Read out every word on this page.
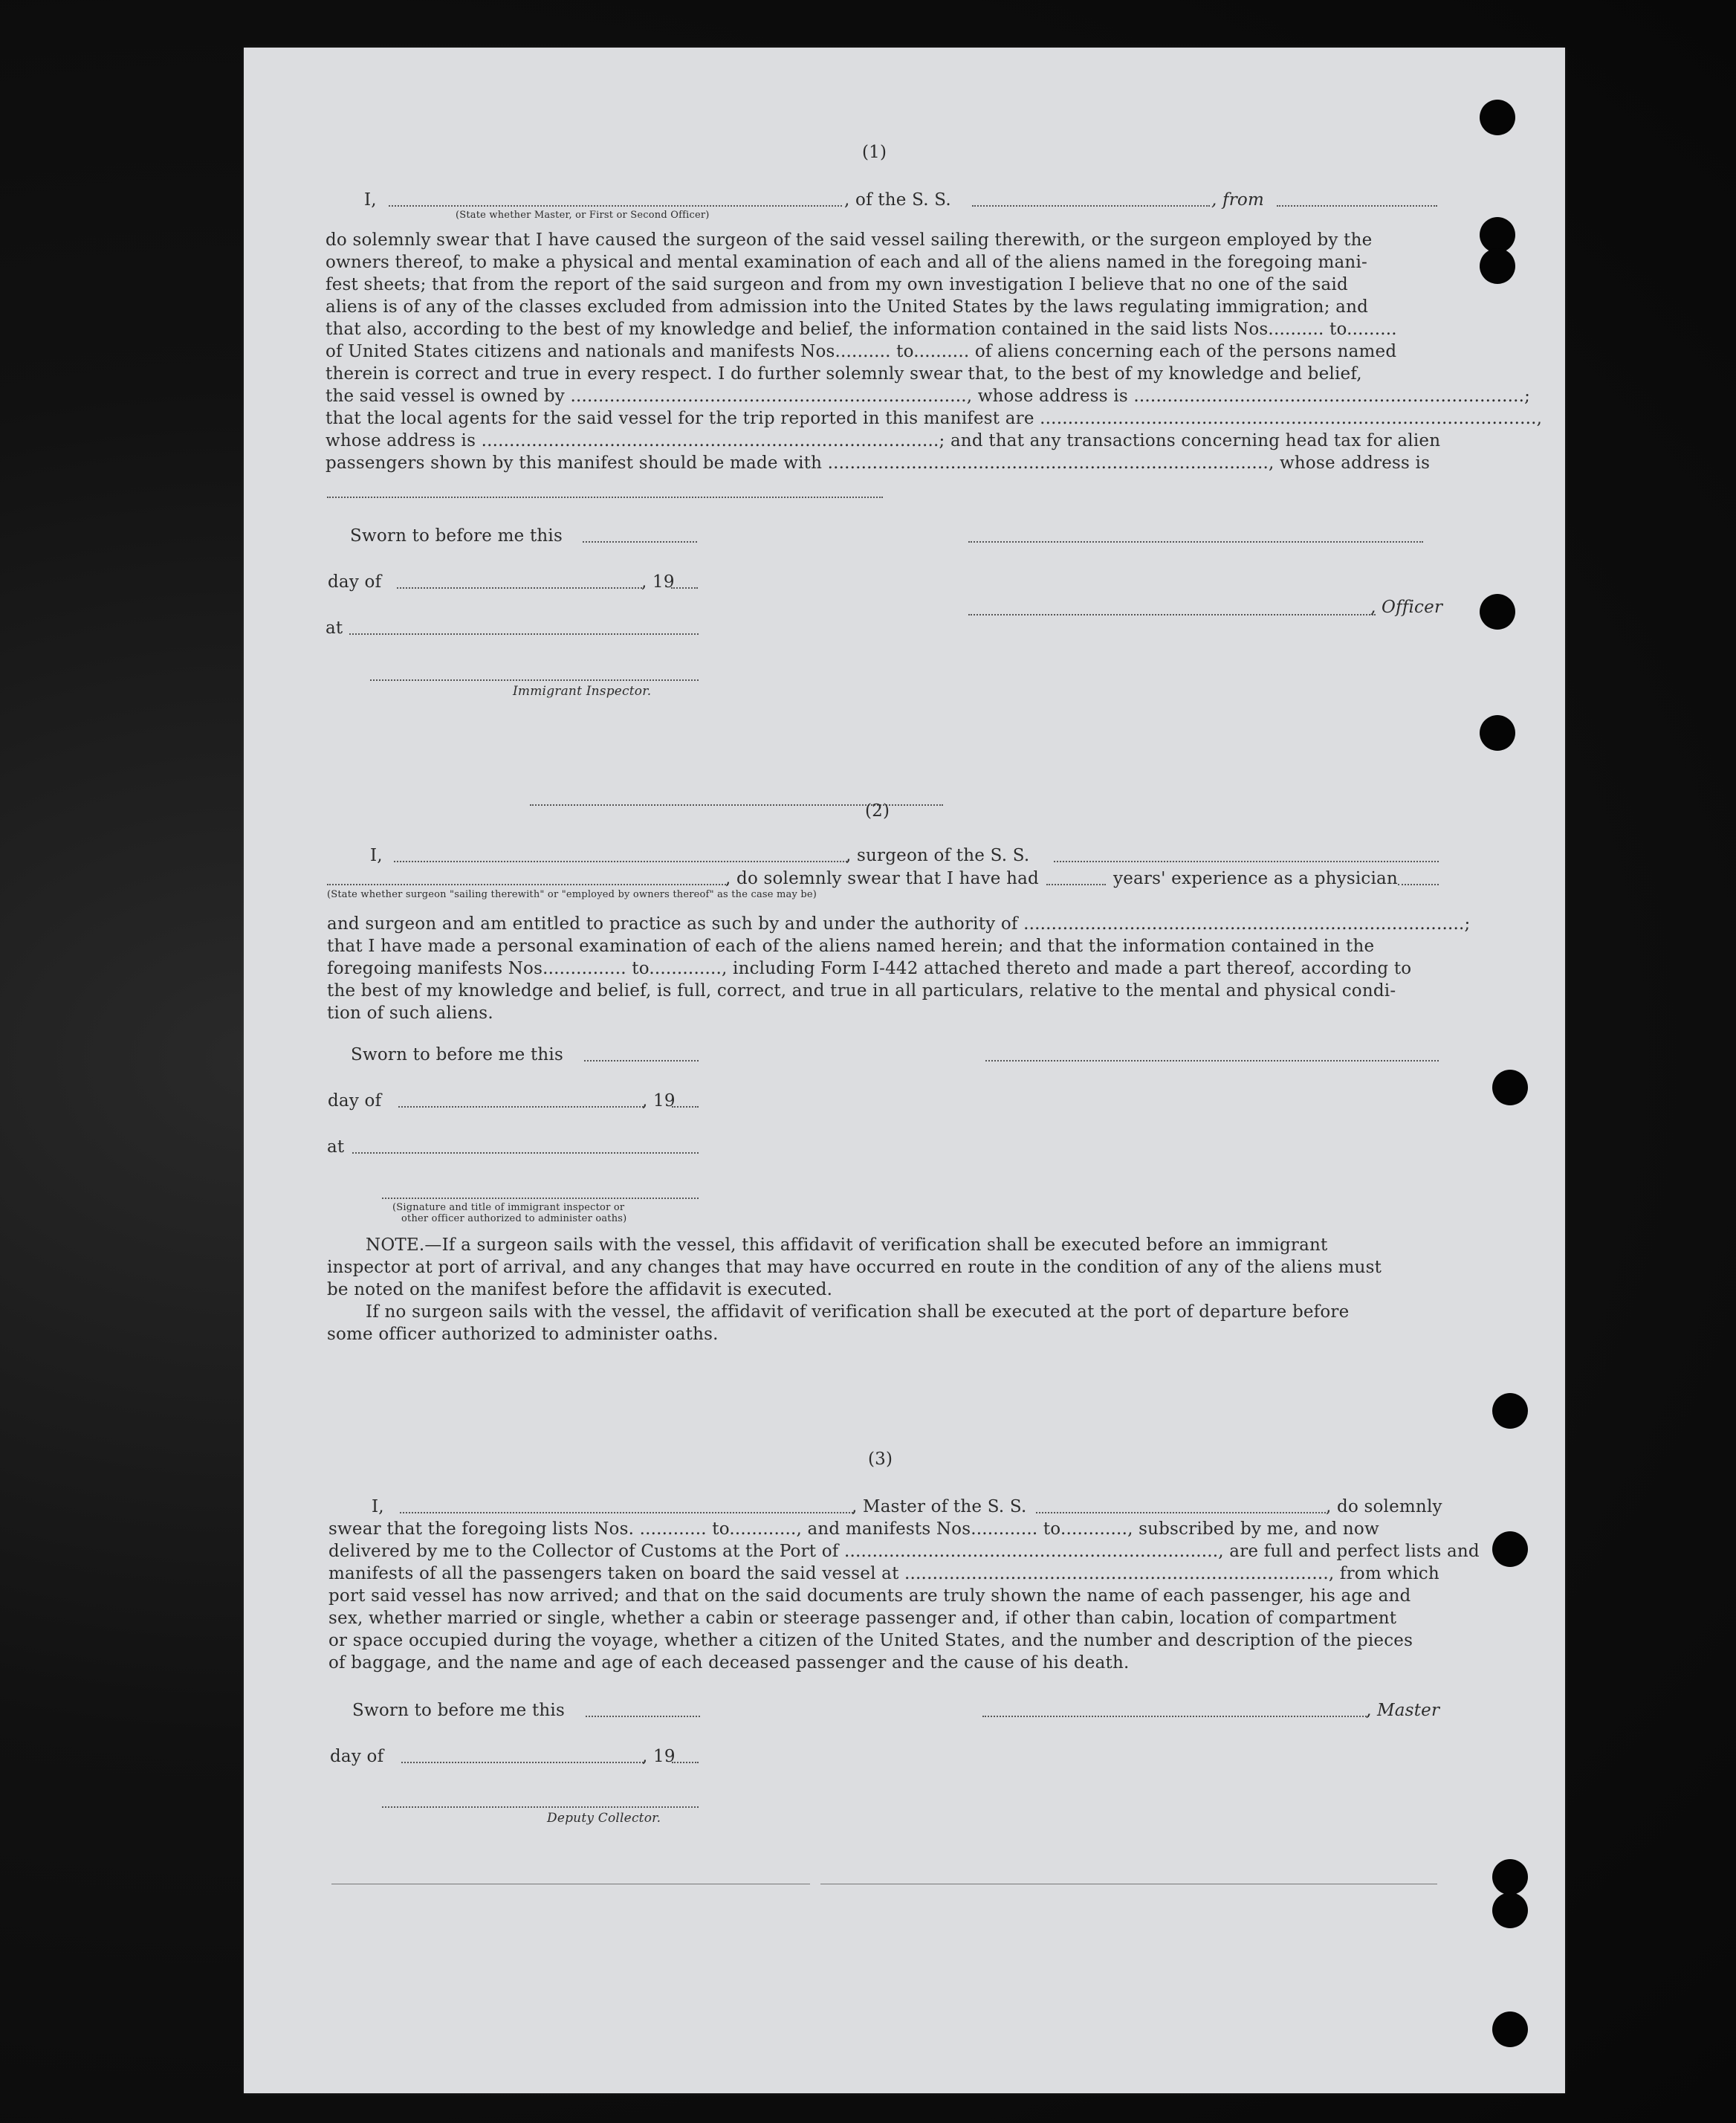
(1)
I,
(State whether Master, or First or Second Officer)
, of the S. S.	, from
do solemnly swear that I have caused the surgeon of the said vessel sailing therewith, or the surgeon employed by the
owners thereof, to make a physical and mental examination of each and all of the aliens named in the foregoing mani-
fest sheets; that from the report of the said surgeon and from my own investigation I believe that no one of the said
aliens is of any of the classes excluded from admission into the United States by the laws regulating immigration; and
that also, according to the best of my knowledge and belief, the information contained in the said lists Nos.......... to.........
of United States citizens and nationals and manifests Nos.......... to.......... of aliens concerning each of the persons named
therein is correct and true in every respect. I do further solemnly swear that, to the best of my knowledge and belief,
the said vessel is owned by ......................................................................., whose address is ......................................................................;
that the local agents for the said vessel for the trip reported in this manifest are .........................................................................................,
whose address is ..................................................................................; and that any transactions concerning head tax for alien
passengers shown by this manifest should be made with ..............................................................................., whose address is
Sworn to before me this
day of	, 19
, Officer
at
Immigrant Inspector.
(2)
I,	, surgeon of the S. S.
, do solemnly swear that I have had	years' experience as a physician
(State whether surgeon "sailing therewith" or "employed by owners thereof" as the case may be)
and surgeon and am entitled to practice as such by and under the authority of ...............................................................................;
that I have made a personal examination of each of the aliens named herein; and that the information contained in the
foregoing manifests Nos............... to............., including Form I-442 attached thereto and made a part thereof, according to
the best of my knowledge and belief, is full, correct, and true in all particulars, relative to the mental and physical condi-
tion of such aliens.
Sworn to before me this
day of	, 19
at
(Signature and title of immigrant inspector or
other officer authorized to administer oaths)
NOTE.—If a surgeon sails with the vessel, this affidavit of verification shall be executed before an immigrant
inspector at port of arrival, and any changes that may have occurred en route in the condition of any of the aliens must
be noted on the manifest before the affidavit is executed.
If no surgeon sails with the vessel, the affidavit of verification shall be executed at the port of departure before
some officer authorized to administer oaths.
(3)
I,	, Master of the S. S.	, do solemnly
swear that the foregoing lists Nos. ............ to............, and manifests Nos............ to............, subscribed by me, and now
delivered by me to the Collector of Customs at the Port of ..................................................................., are full and perfect lists and
manifests of all the passengers taken on board the said vessel at ............................................................................, from which
port said vessel has now arrived; and that on the said documents are truly shown the name of each passenger, his age and
sex, whether married or single, whether a cabin or steerage passenger and, if other than cabin, location of compartment
or space occupied during the voyage, whether a citizen of the United States, and the number and description of the pieces
of baggage, and the name and age of each deceased passenger and the cause of his death.
Sworn to before me this	, Master
day of	, 19
Deputy Collector.
